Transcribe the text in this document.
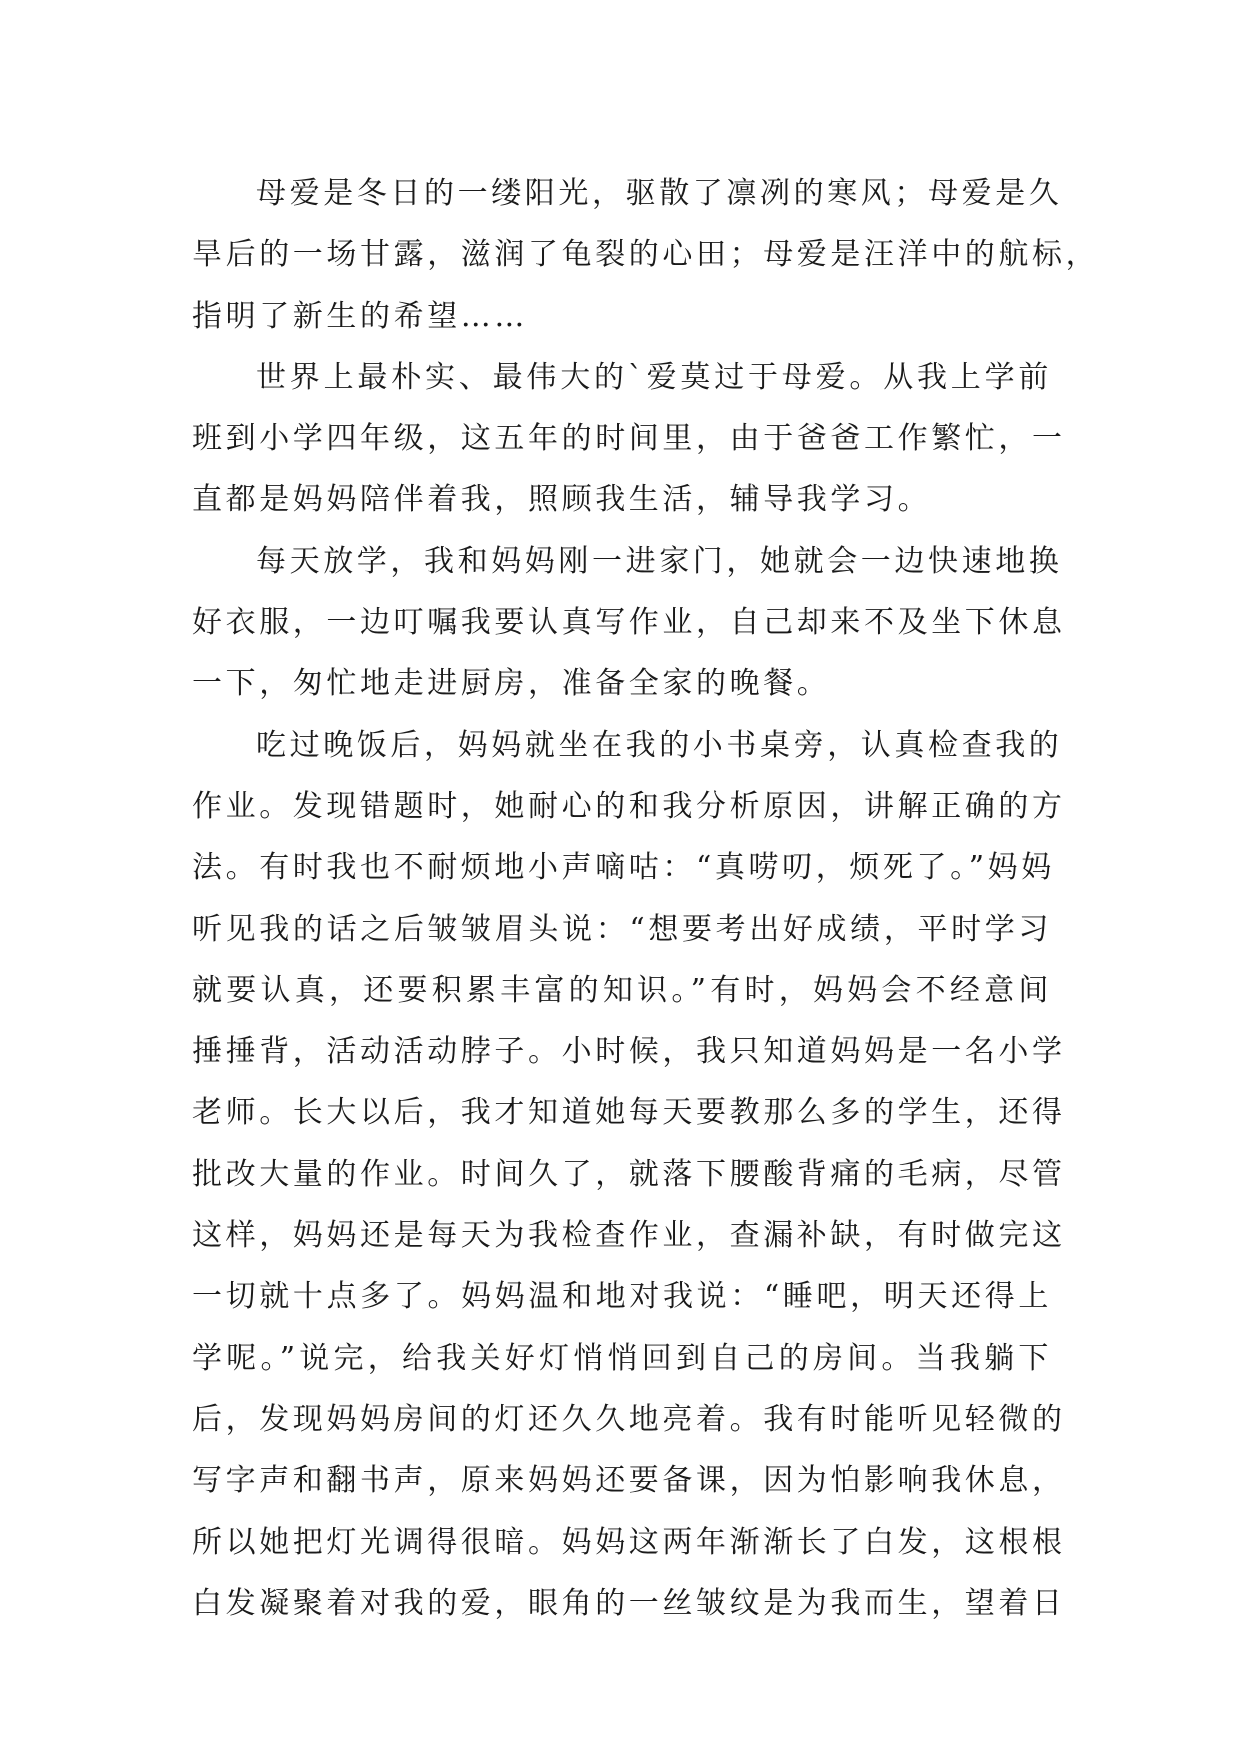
母爱是冬日的一缕阳光，驱散了凛冽的寒风；母爱是久
旱后的一场甘露，滋润了龟裂的心田；母爱是汪洋中的航标，
指明了新生的希望……
世界上最朴实、最伟大的`爱莫过于母爱。从我上学前
班到小学四年级，这五年的时间里，由于爸爸工作繁忙，一
直都是妈妈陪伴着我，照顾我生活，辅导我学习。
每天放学，我和妈妈刚一进家门，她就会一边快速地换
好衣服，一边叮嘱我要认真写作业，自己却来不及坐下休息
一下，匆忙地走进厨房，准备全家的晚餐。
吃过晚饭后，妈妈就坐在我的小书桌旁，认真检查我的
作业。发现错题时，她耐心的和我分析原因，讲解正确的方
法。有时我也不耐烦地小声嘀咕：“真唠叨，烦死了。”妈妈
听见我的话之后皱皱眉头说：“想要考出好成绩，平时学习
就要认真，还要积累丰富的知识。”有时，妈妈会不经意间
捶捶背，活动活动脖子。小时候，我只知道妈妈是一名小学
老师。长大以后，我才知道她每天要教那么多的学生，还得
批改大量的作业。时间久了，就落下腰酸背痛的毛病，尽管
这样，妈妈还是每天为我检查作业，查漏补缺，有时做完这
一切就十点多了。妈妈温和地对我说：“睡吧，明天还得上
学呢。”说完，给我关好灯悄悄回到自己的房间。当我躺下
后，发现妈妈房间的灯还久久地亮着。我有时能听见轻微的
写字声和翻书声，原来妈妈还要备课，因为怕影响我休息，
所以她把灯光调得很暗。妈妈这两年渐渐长了白发，这根根
白发凝聚着对我的爱，眼角的一丝皱纹是为我而生，望着日
